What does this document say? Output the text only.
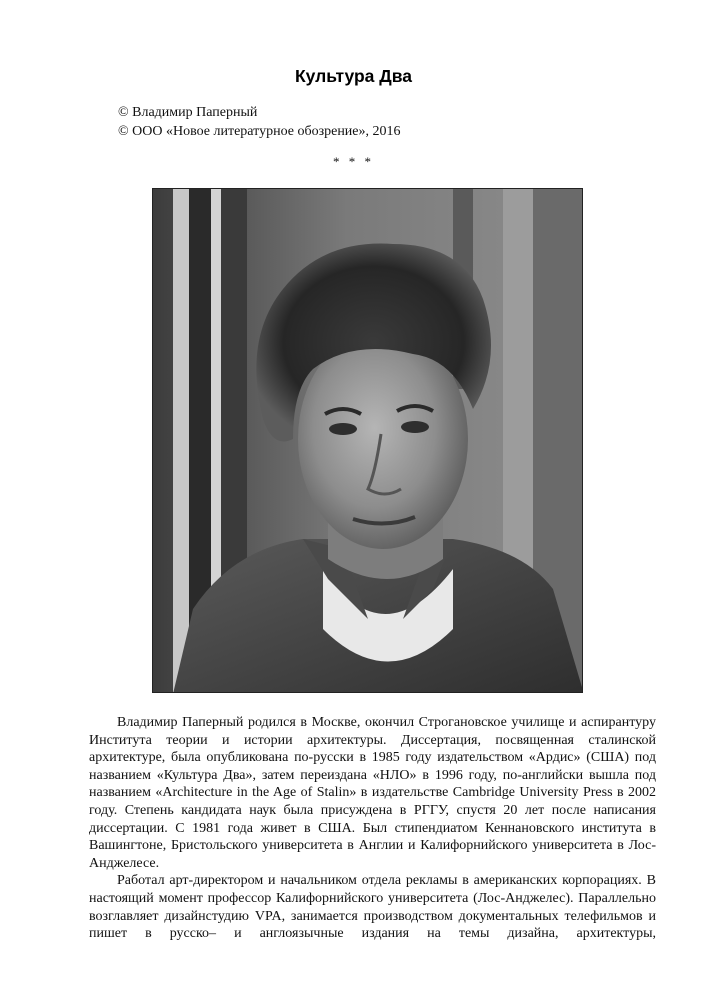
Культура Два
© Владимир Паперный
© ООО «Новое литературное обозрение», 2016
* * *

Владимир Паперный родился в Москве, окончил Строгановское училище и аспирантуру Института теории и истории архитектуры. Диссертация, посвященная сталинской архитектуре, была опубликована по-русски в 1985 году издательством «Ардис» (США) под названием «Культура Два», затем переиздана «НЛО» в 1996 году, по-английски вышла под названием «Architecture in the Age of Stalin» в издательстве Cambridge University Press в 2002 году. Степень кандидата наук была присуждена в РГГУ, спустя 20 лет после написания диссертации. С 1981 года живет в США. Был стипендиатом Кеннановского института в Вашингтоне, Бристольского университета в Англии и Калифорнийского университета в Лос-Анджелесе.

Работал арт-директором и начальником отдела рекламы в американских корпорациях. В настоящий момент профессор Калифорнийского университета (Лос-Анджелес). Параллельно возглавляет дизайнстудию VPA, занимается производством документальных телефильмов и пишет в русско‒ и англоязычные издания на темы дизайна, архитектуры,
